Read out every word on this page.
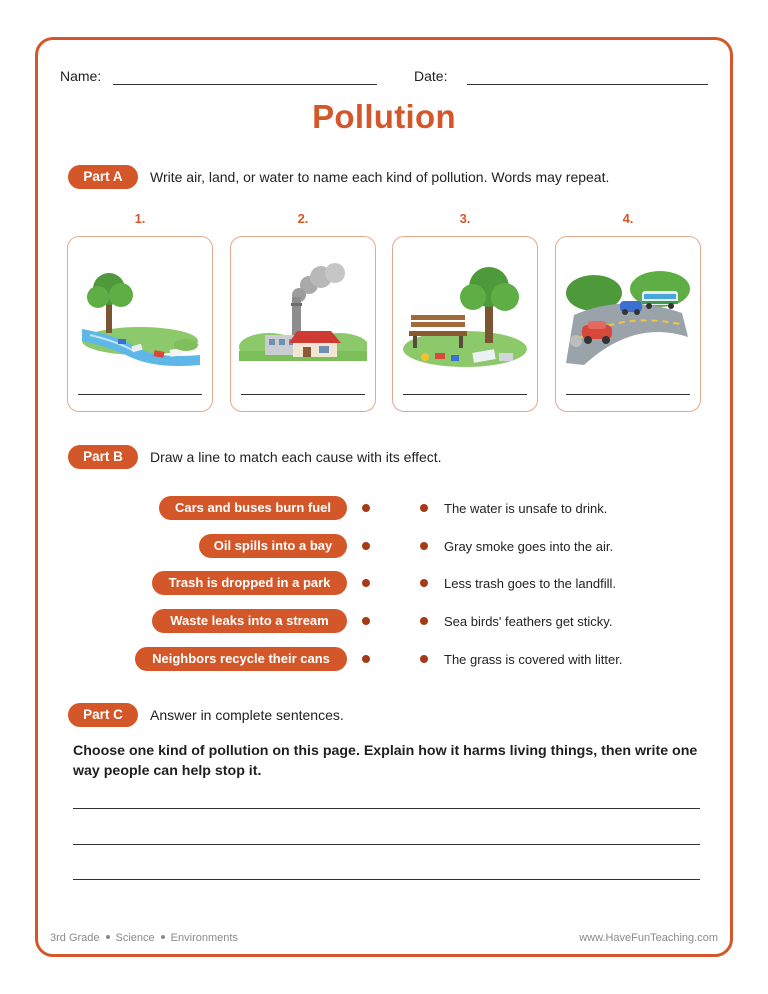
Name:	Date:
Pollution
Part A	Write air, land, or water to name each kind of pollution. Words may repeat.
1.	2.	3.	4.
Part B	Draw a line to match each cause with its effect.
Cars and buses burn fuel
Oil spills into a bay
Trash is dropped in a park
Waste leaks into a stream
Neighbors recycle their cans
The water is unsafe to drink.
Gray smoke goes into the air.
Less trash goes to the landfill.
Sea birds' feathers get sticky.
The grass is covered with litter.
Part C	Answer in complete sentences.
Choose one kind of pollution on this page. Explain how it harms living things, then write one way people can help stop it.
3rd Grade Science Environments	www.HaveFunTeaching.com
